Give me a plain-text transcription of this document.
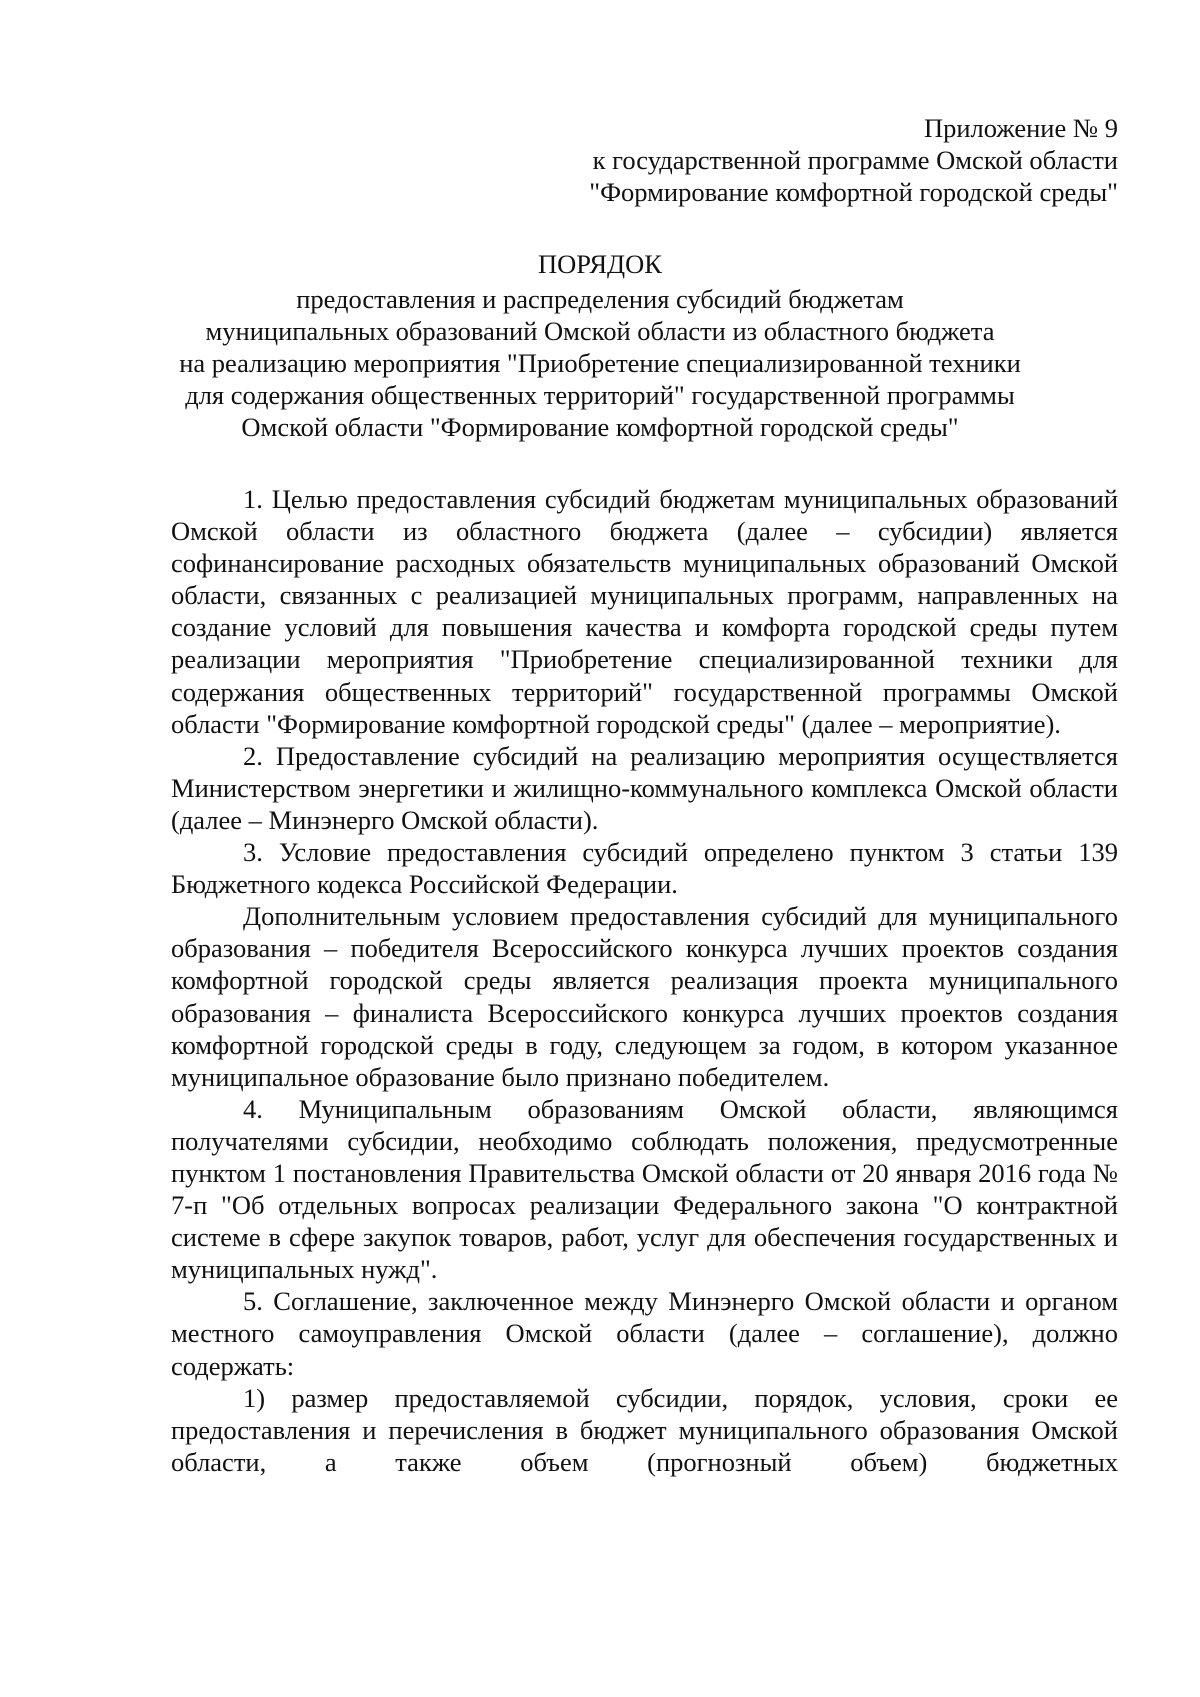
Приложение № 9
к государственной программе Омской области
"Формирование комфортной городской среды"
ПОРЯДОК
предоставления и распределения субсидий бюджетам
муниципальных образований Омской области из областного бюджета
на реализацию мероприятия "Приобретение специализированной техники
для содержания общественных территорий" государственной программы
Омской области "Формирование комфортной городской среды"

1. Целью предоставления субсидий бюджетам муниципальных образований Омской области из областного бюджета (далее – субсидии) является софинансирование расходных обязательств муниципальных образований Омской области, связанных с реализацией муниципальных программ, направленных на создание условий для повышения качества и комфорта городской среды путем реализации мероприятия "Приобретение специализированной техники для содержания общественных территорий" государственной программы Омской области "Формирование комфортной городской среды" (далее – мероприятие).

2. Предоставление субсидий на реализацию мероприятия осуществляется Министерством энергетики и жилищно-коммунального комплекса Омской области (далее – Минэнерго Омской области).

3. Условие предоставления субсидий определено пунктом 3 статьи 139 Бюджетного кодекса Российской Федерации.

Дополнительным условием предоставления субсидий для муниципального образования – победителя Всероссийского конкурса лучших проектов создания комфортной городской среды является реализация проекта муниципального образования – финалиста Всероссийского конкурса лучших проектов создания комфортной городской среды в году, следующем за годом, в котором указанное муниципальное образование было признано победителем.

4. Муниципальным образованиям Омской области, являющимся получателями субсидии, необходимо соблюдать положения, предусмотренные пунктом 1 постановления Правительства Омской области от 20 января 2016 года № 7-п "Об отдельных вопросах реализации Федерального закона "О контрактной системе в сфере закупок товаров, работ, услуг для обеспечения государственных и муниципальных нужд".

5. Соглашение, заключенное между Минэнерго Омской области и органом местного самоуправления Омской области (далее – соглашение), должно содержать:

1) размер предоставляемой субсидии, порядок, условия, сроки ее предоставления и перечисления в бюджет муниципального образования Омской области, а также объем (прогнозный объем) бюджетных
